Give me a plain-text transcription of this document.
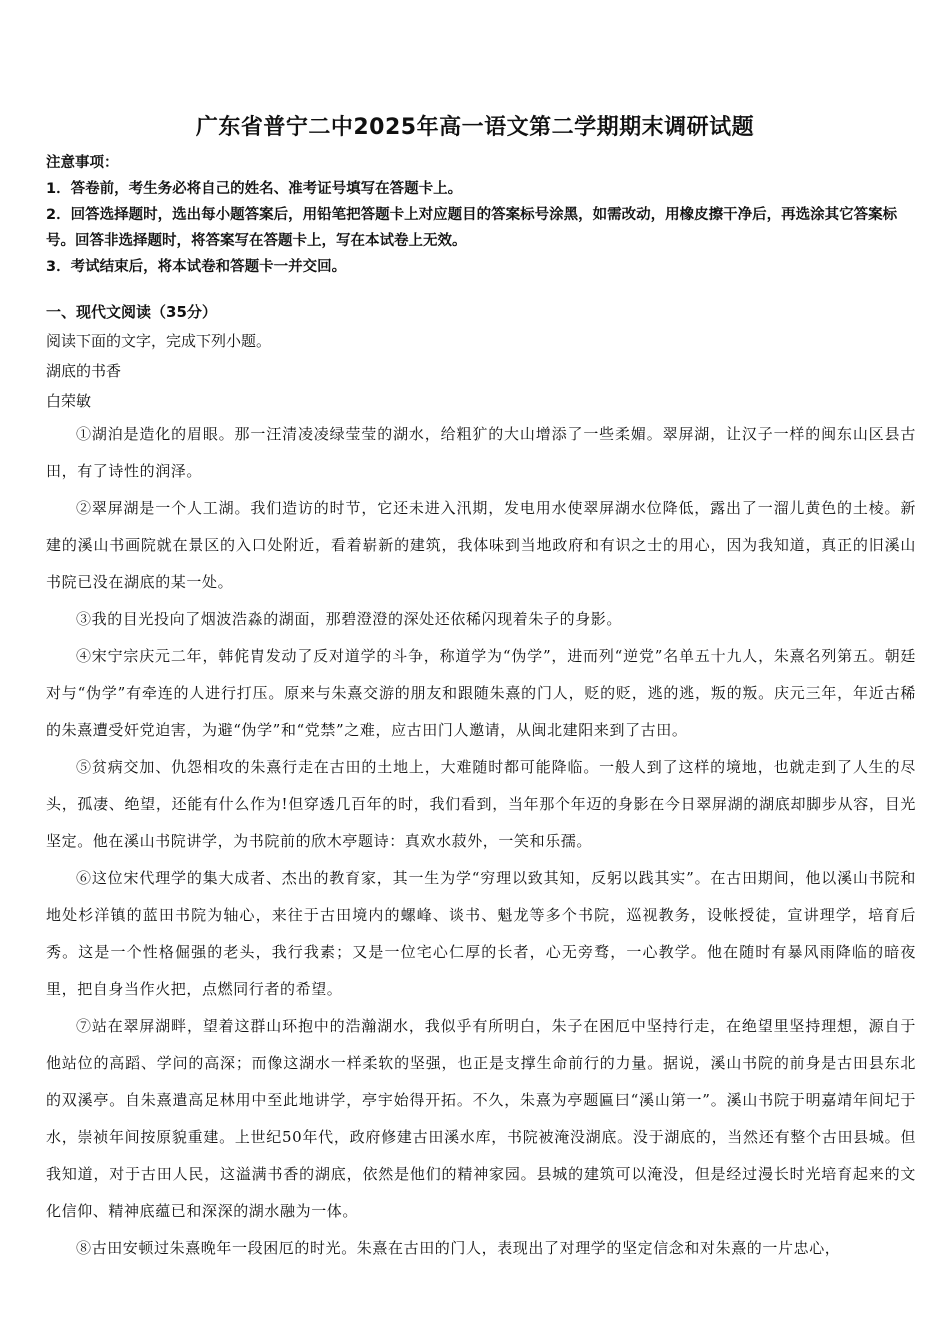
广东省普宁二中2025年高一语文第二学期期末调研试题

注意事项：

1．答卷前，考生务必将自己的姓名、准考证号填写在答题卡上。

2．回答选择题时，选出每小题答案后，用铅笔把答题卡上对应题目的答案标号涂黑，如需改动，用橡皮擦干净后，再选涂其它答案标号。回答非选择题时，将答案写在答题卡上，写在本试卷上无效。

3．考试结束后，将本试卷和答题卡一并交回。

一、现代文阅读（35分）

阅读下面的文字，完成下列小题。

湖底的书香

白荣敏

①湖泊是造化的眉眼。那一汪清凌凌绿莹莹的湖水，给粗犷的大山增添了一些柔媚。翠屏湖，让汉子一样的闽东山区县古田，有了诗性的润泽。

②翠屏湖是一个人工湖。我们造访的时节，它还未进入汛期，发电用水使翠屏湖水位降低，露出了一溜儿黄色的土棱。新建的溪山书画院就在景区的入口处附近，看着崭新的建筑，我体味到当地政府和有识之士的用心，因为我知道，真正的旧溪山书院已没在湖底的某一处。

③我的目光投向了烟波浩淼的湖面，那碧澄澄的深处还依稀闪现着朱子的身影。

④宋宁宗庆元二年，韩侂胄发动了反对道学的斗争，称道学为“伪学”，进而列“逆党”名单五十九人，朱熹名列第五。朝廷对与“伪学”有牵连的人进行打压。原来与朱熹交游的朋友和跟随朱熹的门人，贬的贬，逃的逃，叛的叛。庆元三年，年近古稀的朱熹遭受奸党迫害，为避“伪学”和“党禁”之难，应古田门人邀请，从闽北建阳来到了古田。

⑤贫病交加、仇怨相攻的朱熹行走在古田的土地上，大难随时都可能降临。一般人到了这样的境地，也就走到了人生的尽头，孤凄、绝望，还能有什么作为!但穿透几百年的时，我们看到，当年那个年迈的身影在今日翠屏湖的湖底却脚步从容，目光坚定。他在溪山书院讲学，为书院前的欣木亭题诗：真欢水菽外，一笑和乐孺。

⑥这位宋代理学的集大成者、杰出的教育家，其一生为学“穷理以致其知，反躬以践其实”。在古田期间，他以溪山书院和地处杉洋镇的蓝田书院为轴心，来往于古田境内的螺峰、谈书、魁龙等多个书院，巡视教务，设帐授徒，宣讲理学，培育后秀。这是一个性格倔强的老头，我行我素；又是一位宅心仁厚的长者，心无旁骛，一心教学。他在随时有暴风雨降临的暗夜里，把自身当作火把，点燃同行者的希望。

⑦站在翠屏湖畔，望着这群山环抱中的浩瀚湖水，我似乎有所明白，朱子在困厄中坚持行走，在绝望里坚持理想，源自于他站位的高蹈、学问的高深；而像这湖水一样柔软的坚强，也正是支撑生命前行的力量。据说，溪山书院的前身是古田县东北的双溪亭。自朱熹遣高足林用中至此地讲学，亭宇始得开拓。不久，朱熹为亭题匾曰“溪山第一”。溪山书院于明嘉靖年间圮于水，崇祯年间按原貌重建。上世纪50年代，政府修建古田溪水库，书院被淹没湖底。没于湖底的，当然还有整个古田县城。但我知道，对于古田人民，这溢满书香的湖底，依然是他们的精神家园。县城的建筑可以淹没，但是经过漫长时光培育起来的文化信仰、精神底蕴已和深深的湖水融为一体。

⑧古田安顿过朱熹晚年一段困厄的时光。朱熹在古田的门人，表现出了对理学的坚定信念和对朱熹的一片忠心，
